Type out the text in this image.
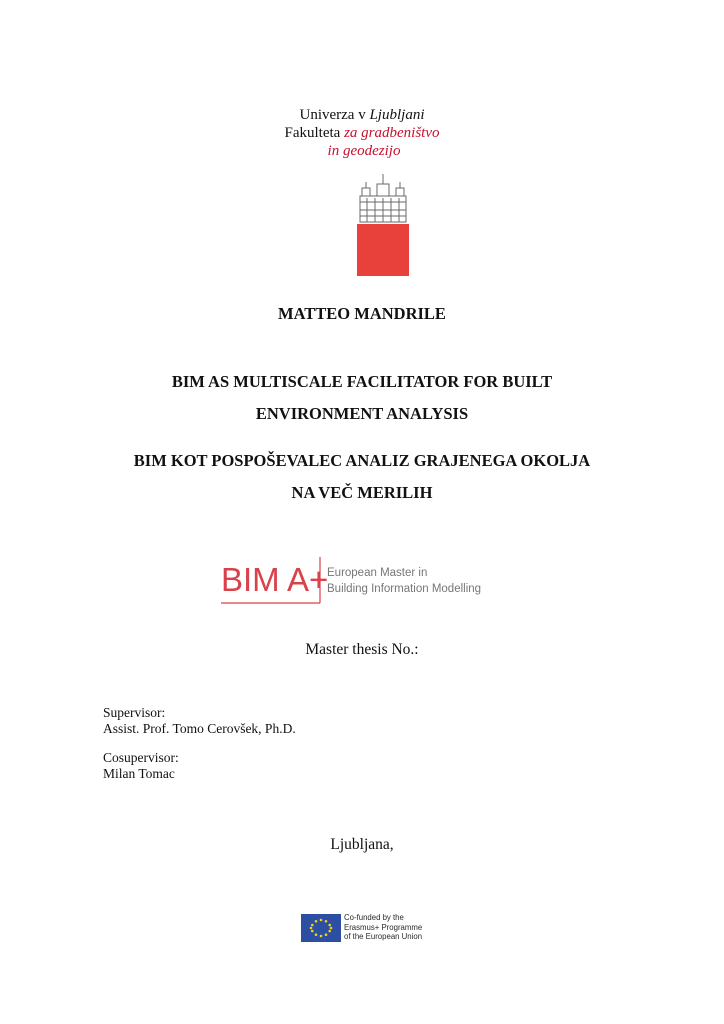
Univerza v Ljubljani
Fakulteta za gradbeništvo
in geodezijo
MATTEO MANDRILE
BIM AS MULTISCALE FACILITATOR FOR BUILT
ENVIRONMENT ANALYSIS
BIM KOT POSPOŠEVALEC ANALIZ GRAJENEGA OKOLJA
NA VEČ MERILIH
BIM A+
European Master in
Building Information Modelling
Master thesis No.:
Supervisor:
Assist. Prof. Tomo Cerovšek, Ph.D.
Cosupervisor:
Milan Tomac
Ljubljana,
Co-funded by the
Erasmus+ Programme
of the European Union
